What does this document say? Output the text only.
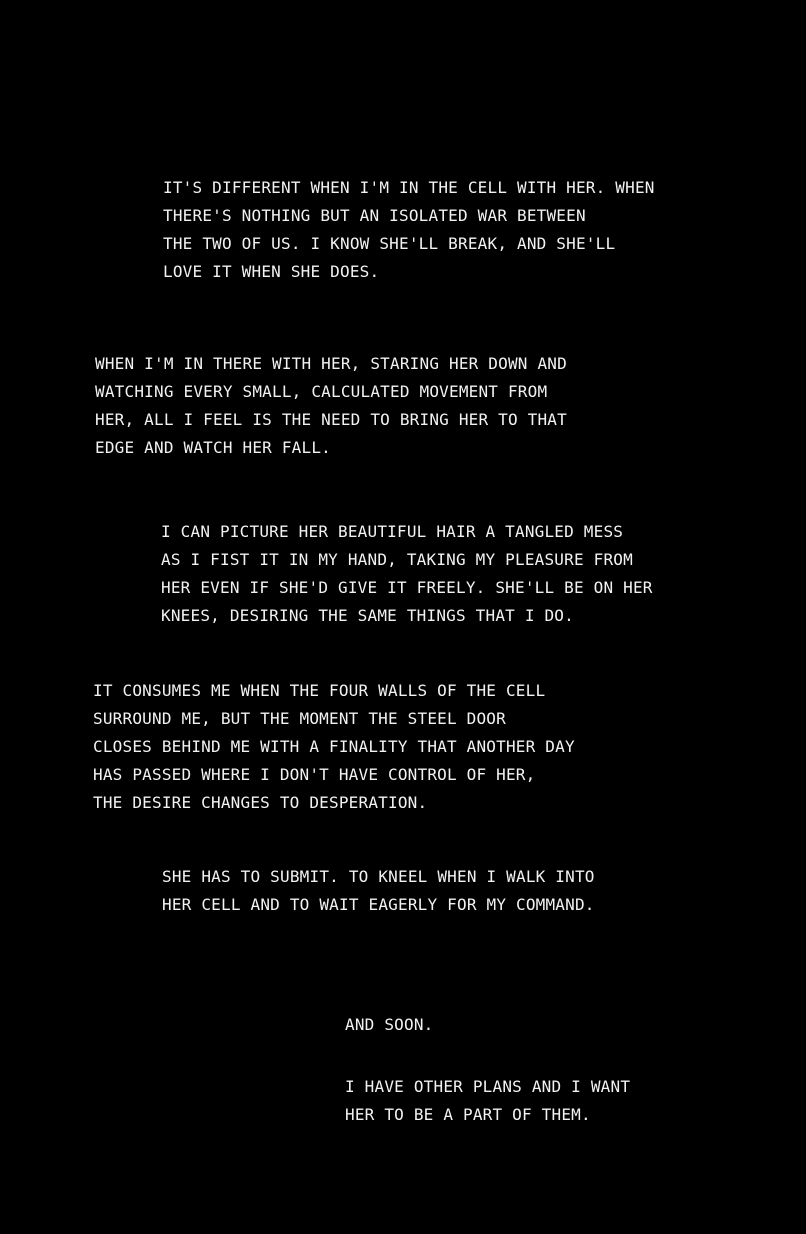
IT'S DIFFERENT WHEN I'M IN THE CELL WITH HER. WHEN
THERE'S NOTHING BUT AN ISOLATED WAR BETWEEN
THE TWO OF US. I KNOW SHE'LL BREAK, AND SHE'LL
LOVE IT WHEN SHE DOES.

WHEN I'M IN THERE WITH HER, STARING HER DOWN AND
WATCHING EVERY SMALL, CALCULATED MOVEMENT FROM
HER, ALL I FEEL IS THE NEED TO BRING HER TO THAT
EDGE AND WATCH HER FALL.

I CAN PICTURE HER BEAUTIFUL HAIR A TANGLED MESS
AS I FIST IT IN MY HAND, TAKING MY PLEASURE FROM
HER EVEN IF SHE'D GIVE IT FREELY. SHE'LL BE ON HER
KNEES, DESIRING THE SAME THINGS THAT I DO.

IT CONSUMES ME WHEN THE FOUR WALLS OF THE CELL
SURROUND ME, BUT THE MOMENT THE STEEL DOOR
CLOSES BEHIND ME WITH A FINALITY THAT ANOTHER DAY
HAS PASSED WHERE I DON'T HAVE CONTROL OF HER,
THE DESIRE CHANGES TO DESPERATION.

SHE HAS TO SUBMIT. TO KNEEL WHEN I WALK INTO
HER CELL AND TO WAIT EAGERLY FOR MY COMMAND.

AND SOON.

I HAVE OTHER PLANS AND I WANT
HER TO BE A PART OF THEM.
